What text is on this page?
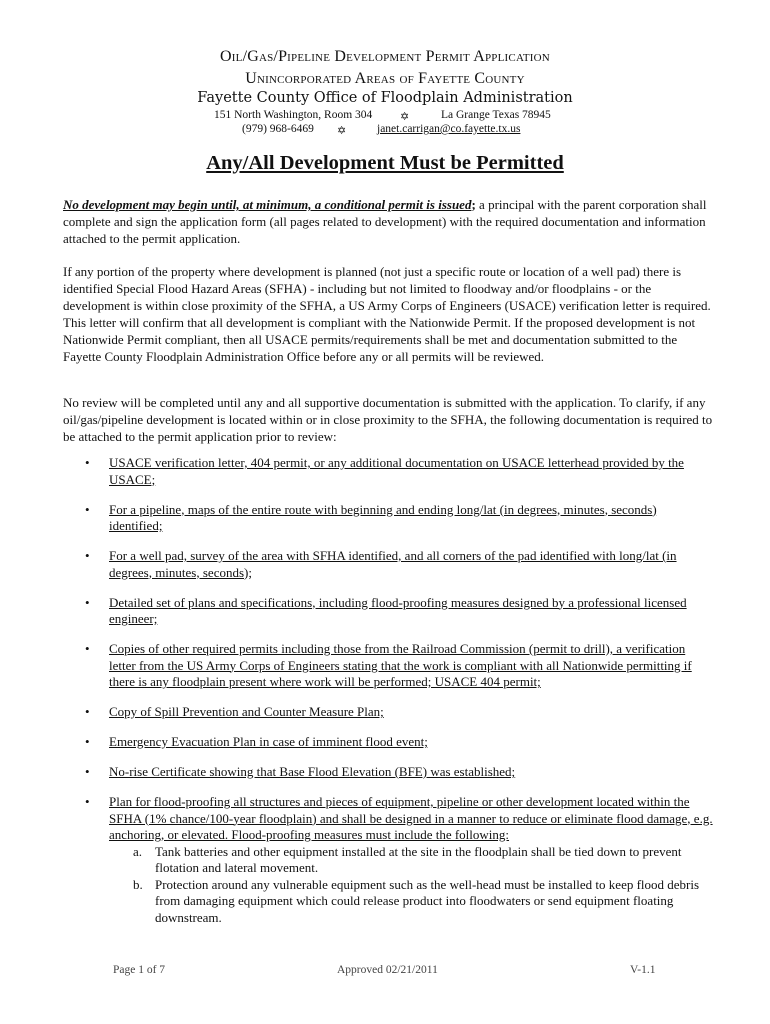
Oil/Gas/Pipeline Development Permit Application
Unincorporated Areas of Fayette County
Fayette County Office of Floodplain Administration
151 North Washington, Room 304	✡	La Grange Texas 78945
(979) 968-6469 ✡	janet.carrigan@co.fayette.tx.us
Any/All Development Must be Permitted

No development may begin until, at minimum, a conditional permit is issued; a principal with the parent corporation shall complete and sign the application form (all pages related to development) with the required documentation and information attached to the permit application.

If any portion of the property where development is planned (not just a specific route or location of a well pad) there is identified Special Flood Hazard Areas (SFHA) - including but not limited to floodway and/or floodplains - or the development is within close proximity of the SFHA, a US Army Corps of Engineers (USACE) verification letter is required. This letter will confirm that all development is compliant with the Nationwide Permit. If the proposed development is not Nationwide Permit compliant, then all USACE permits/requirements shall be met and documentation submitted to the Fayette County Floodplain Administration Office before any or all permits will be reviewed.

No review will be completed until any and all supportive documentation is submitted with the application. To clarify, if any oil/gas/pipeline development is located within or in close proximity to the SFHA, the following documentation is required to be attached to the permit application prior to review:

• USACE verification letter, 404 permit, or any additional documentation on USACE letterhead provided by the USACE;
• For a pipeline, maps of the entire route with beginning and ending long/lat (in degrees, minutes, seconds) identified;
• For a well pad, survey of the area with SFHA identified, and all corners of the pad identified with long/lat (in degrees, minutes, seconds);
• Detailed set of plans and specifications, including flood-proofing measures designed by a professional licensed engineer;
• Copies of other required permits including those from the Railroad Commission (permit to drill), a verification letter from the US Army Corps of Engineers stating that the work is compliant with all Nationwide permitting if there is any floodplain present where work will be performed; USACE 404 permit;
• Copy of Spill Prevention and Counter Measure Plan;
• Emergency Evacuation Plan in case of imminent flood event;
• No-rise Certificate showing that Base Flood Elevation (BFE) was established;
• Plan for flood-proofing all structures and pieces of equipment, pipeline or other development located within the SFHA (1% chance/100-year floodplain) and shall be designed in a manner to reduce or eliminate flood damage, e.g. anchoring, or elevated. Flood-proofing measures must include the following:
a. Tank batteries and other equipment installed at the site in the floodplain shall be tied down to prevent flotation and lateral movement.
b. Protection around any vulnerable equipment such as the well-head must be installed to keep flood debris from damaging equipment which could release product into floodwaters or send equipment floating downstream.
Page 1 of 7	Approved 02/21/2011	V-1.1
